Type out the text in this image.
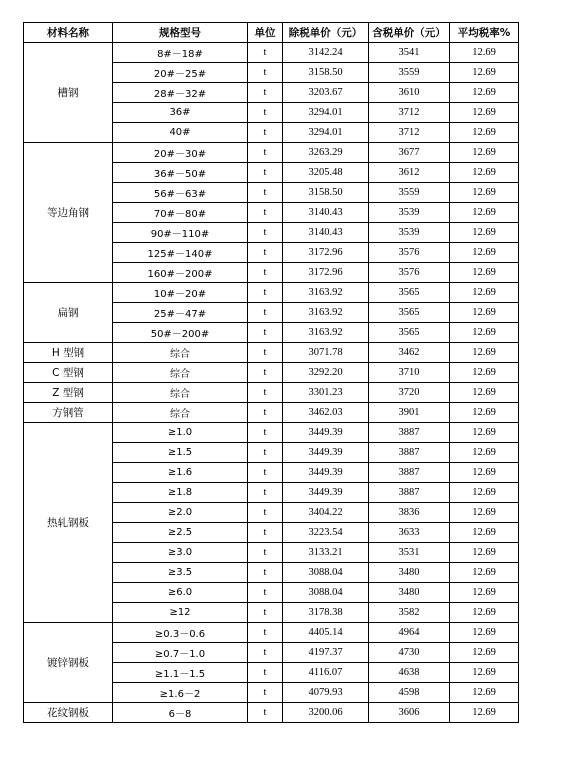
材料名称	规格型号	单位	除税单价（元）	含税单价（元）	平均税率%
槽钢	8#－18#	t	3142.24	3541	12.69
	20#－25#	t	3158.50	3559	12.69
	28#－32#	t	3203.67	3610	12.69
	36#	t	3294.01	3712	12.69
	40#	t	3294.01	3712	12.69
等边角钢	20#－30#	t	3263.29	3677	12.69
	36#－50#	t	3205.48	3612	12.69
	56#－63#	t	3158.50	3559	12.69
	70#－80#	t	3140.43	3539	12.69
	90#－110#	t	3140.43	3539	12.69
	125#－140#	t	3172.96	3576	12.69
	160#－200#	t	3172.96	3576	12.69
扁钢	10#－20#	t	3163.92	3565	12.69
	25#－47#	t	3163.92	3565	12.69
	50#－200#	t	3163.92	3565	12.69
H 型钢	综合	t	3071.78	3462	12.69
C 型钢	综合	t	3292.20	3710	12.69
Z 型钢	综合	t	3301.23	3720	12.69
方钢管	综合	t	3462.03	3901	12.69
热轧钢板	≥1.0	t	3449.39	3887	12.69
	≥1.5	t	3449.39	3887	12.69
	≥1.6	t	3449.39	3887	12.69
	≥1.8	t	3449.39	3887	12.69
	≥2.0	t	3404.22	3836	12.69
	≥2.5	t	3223.54	3633	12.69
	≥3.0	t	3133.21	3531	12.69
	≥3.5	t	3088.04	3480	12.69
	≥6.0	t	3088.04	3480	12.69
	≥12	t	3178.38	3582	12.69
镀锌钢板	≥0.3－0.6	t	4405.14	4964	12.69
	≥0.7－1.0	t	4197.37	4730	12.69
	≥1.1－1.5	t	4116.07	4638	12.69
	≥1.6－2	t	4079.93	4598	12.69
花纹钢板	6－8	t	3200.06	3606	12.69
